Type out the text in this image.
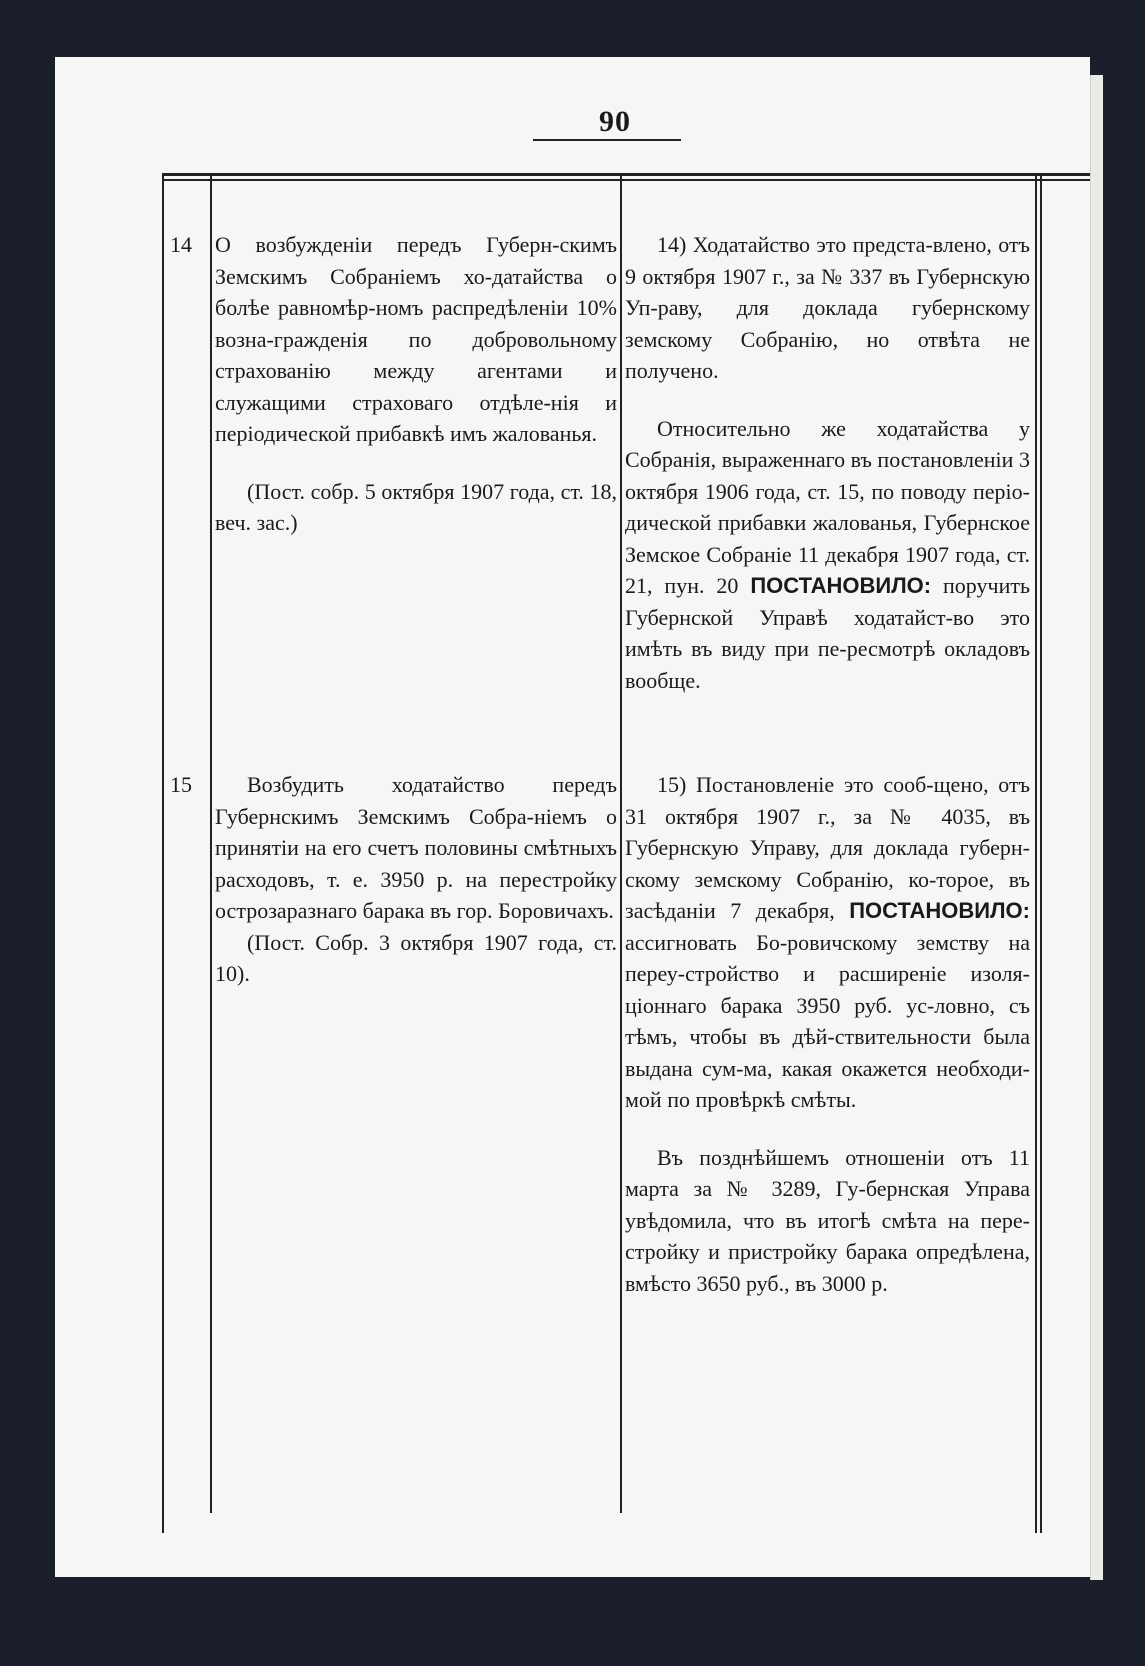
90
14	О возбужденіи передъ Губерн-скимъ Земскимъ Собраніемъ хо-датайства о болѣе равномѣр-номъ распредѣленіи 10% возна-гражденія по добровольному страхованію между агентами и служащими страховаго отдѣле-нія и періодической прибавкѣ имъ жалованья.

(Пост. собр. 5 октября 1907 года, ст. 18, веч. зас.)

14) Ходатайство это предста-влено, отъ 9 октября 1907 г., за № 337 въ Губернскую Уп-раву, для доклада губернскому земскому Собранію, но отвѣта не получено.

Относительно же ходатайства у Собранія, выраженнаго въ постановленіи 3 октября 1906 года, ст. 15, по поводу періо-дической прибавки жалованья, Губернское Земское Собраніе 11 декабря 1907 года, ст. 21, пун. 20 ПОСТАНОВИЛО: поручить Губернской Управѣ ходатайст-во это имѣть въ виду при пе-ресмотрѣ окладовъ вообще.

15	Возбудить ходатайство передъ Губернскимъ Земскимъ Собра-ніемъ о принятіи на его счетъ половины смѣтныхъ расходовъ, т. е. 3950 р. на перестройку острозаразнаго барака въ гор. Боровичахъ.

(Пост. Собр. 3 октября 1907 года, ст. 10).

15) Постановленіе это сооб-щено, отъ 31 октября 1907 г., за № 4035, въ Губернскую Управу, для доклада губерн-скому земскому Собранію, ко-торое, въ засѣданіи 7 декабря, ПОСТАНОВИЛО: ассигновать Бо-ровичскому земству на переу-стройство и расширеніе изоля-ціоннаго барака 3950 руб. ус-ловно, съ тѣмъ, чтобы въ дѣй-ствительности была выдана сум-ма, какая окажется необходи-мой по провѣркѣ смѣты.

Въ позднѣйшемъ отношеніи отъ 11 марта за № 3289, Гу-бернская Управа увѣдомила, что въ итогѣ смѣта на пере-стройку и пристройку барака опредѣлена, вмѣсто 3650 руб., въ 3000 р.
